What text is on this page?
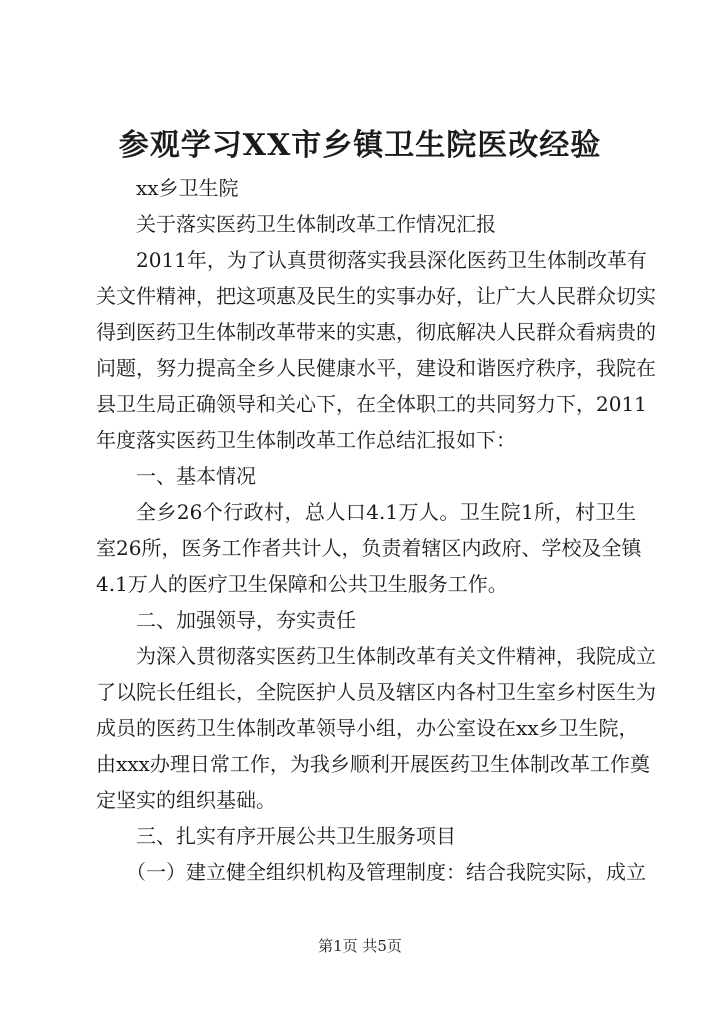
参观学习XX市乡镇卫生院医改经验
xx乡卫生院
关于落实医药卫生体制改革工作情况汇报
2011年，为了认真贯彻落实我县深化医药卫生体制改革有
关文件精神，把这项惠及民生的实事办好，让广大人民群众切实
得到医药卫生体制改革带来的实惠，彻底解决人民群众看病贵的
问题，努力提高全乡人民健康水平，建设和谐医疗秩序，我院在
县卫生局正确领导和关心下，在全体职工的共同努力下，2011
年度落实医药卫生体制改革工作总结汇报如下：
一、基本情况
全乡26个行政村，总人口4.1万人。卫生院1所，村卫生
室26所，医务工作者共计人，负责着辖区内政府、学校及全镇
4.1万人的医疗卫生保障和公共卫生服务工作。
二、加强领导，夯实责任
为深入贯彻落实医药卫生体制改革有关文件精神，我院成立
了以院长任组长，全院医护人员及辖区内各村卫生室乡村医生为
成员的医药卫生体制改革领导小组，办公室设在xx乡卫生院，
由xxx办理日常工作，为我乡顺利开展医药卫生体制改革工作奠
定坚实的组织基础。
三、扎实有序开展公共卫生服务项目
（一）建立健全组织机构及管理制度：结合我院实际，成立
第1页 共5页
